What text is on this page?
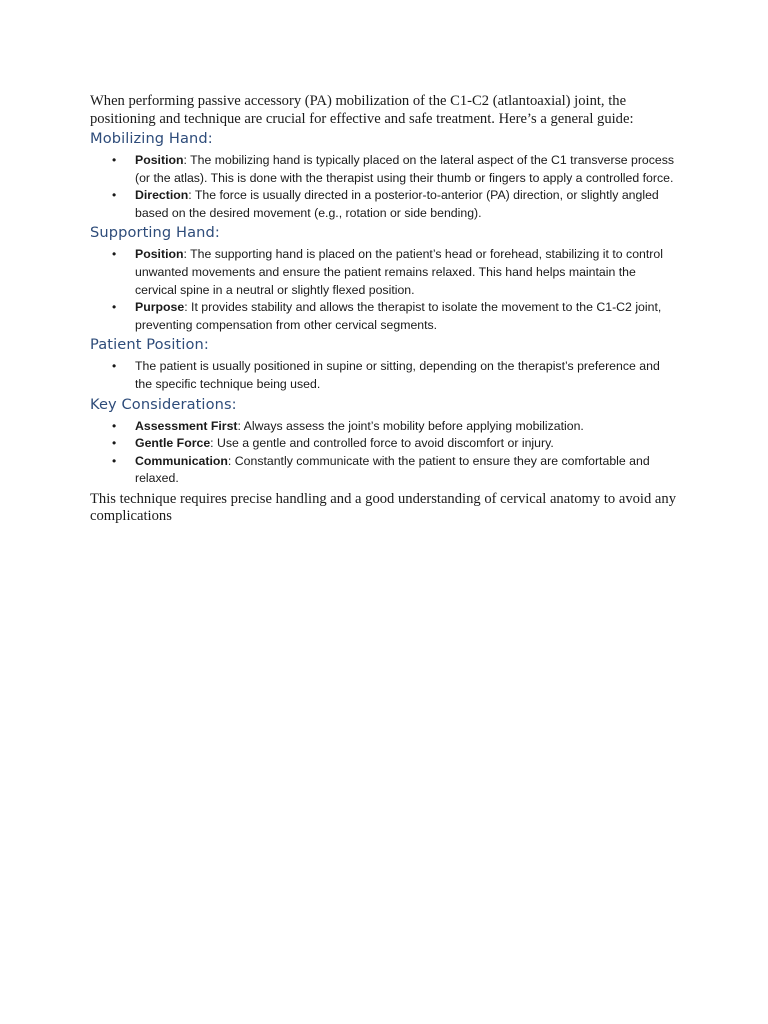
When performing passive accessory (PA) mobilization of the C1-C2 (atlantoaxial) joint, the positioning and technique are crucial for effective and safe treatment. Here’s a general guide:

Mobilizing Hand:
• Position: The mobilizing hand is typically placed on the lateral aspect of the C1 transverse process (or the atlas). This is done with the therapist using their thumb or fingers to apply a controlled force.
• Direction: The force is usually directed in a posterior-to-anterior (PA) direction, or slightly angled based on the desired movement (e.g., rotation or side bending).
Supporting Hand:
• Position: The supporting hand is placed on the patient’s head or forehead, stabilizing it to control unwanted movements and ensure the patient remains relaxed. This hand helps maintain the cervical spine in a neutral or slightly flexed position.
• Purpose: It provides stability and allows the therapist to isolate the movement to the C1-C2 joint, preventing compensation from other cervical segments.
Patient Position:
• The patient is usually positioned in supine or sitting, depending on the therapist’s preference and the specific technique being used.
Key Considerations:
• Assessment First: Always assess the joint’s mobility before applying mobilization.
• Gentle Force: Use a gentle and controlled force to avoid discomfort or injury.
• Communication: Constantly communicate with the patient to ensure they are comfortable and relaxed.

This technique requires precise handling and a good understanding of cervical anatomy to avoid any complications
